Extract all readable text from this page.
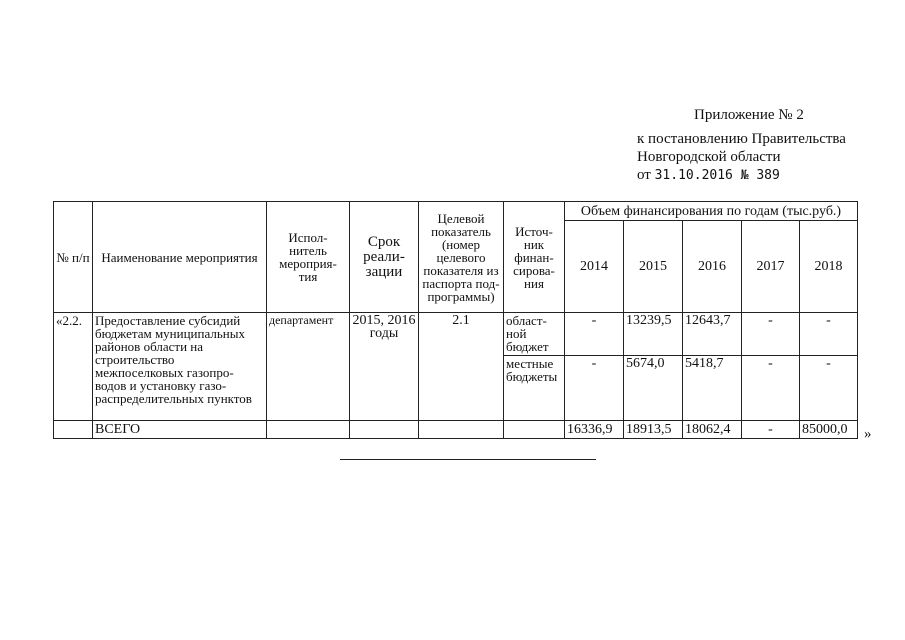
Приложение № 2
к постановлению Правительства
Новгородской области
от 31.10.2016 № 389
№ п/п	Наименование мероприятия	Испол- нитель мероприя- тия	Срок реали- зации	Целевой показатель (номер целевого показателя из паспорта под- программы)	Источ- ник финан- сирова- ния	Объем финансирования по годам (тыс.руб.)				
						2014	2015	2016	2017	2018
«2.2.	Предоставление субсидий бюджетам муниципальных районов области на строительство межпоселковых газопро- водов и установку газо- распределительных пунктов	департамент	2015, 2016 годы	2.1	област- ной бюджет	-	13239,5	12643,7	-	-
					местные бюджеты	-	5674,0	5418,7	-	-
	ВСЕГО					16336,9	18913,5	18062,4	-	85000,0 »
